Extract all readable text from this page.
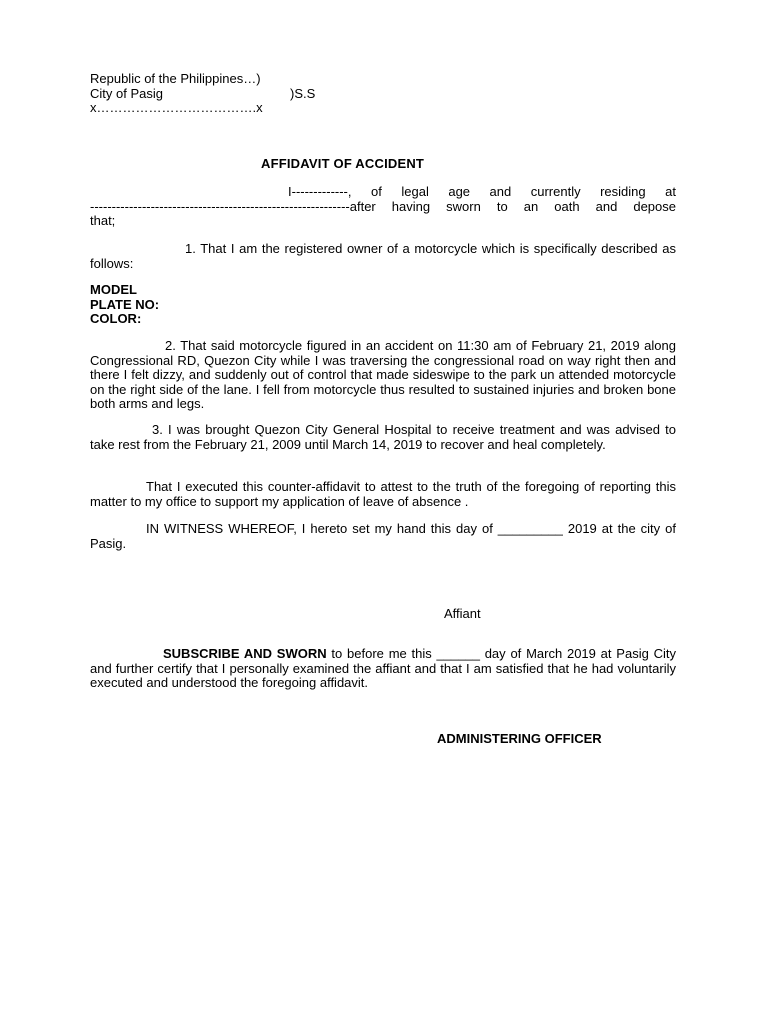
Republic of the Philippines…)
City of Pasig	)S.S
x……………………………….x
AFFIDAVIT OF ACCIDENT
I-------------, of legal age and currently residing at
------------------------------------------------------------after having sworn to an oath and depose
that;

1. That I am the registered owner of a motorcycle which is specifically described as follows:

MODEL
PLATE NO:
COLOR:

2. That said motorcycle figured in an accident on 11:30 am of February 21, 2019 along Congressional RD, Quezon City while I was traversing the congressional road on way right then and there I felt dizzy, and suddenly out of control that made sideswipe to the park un attended motorcycle on the right side of the lane. I fell from motorcycle thus resulted to sustained injuries and broken bone both arms and legs.

3. I was brought Quezon City General Hospital to receive treatment and was advised to take rest from the February 21, 2009 until March 14, 2019 to recover and heal completely.

That I executed this counter-affidavit to attest to the truth of the foregoing of reporting this matter to my office to support my application of leave of absence .

IN WITNESS WHEREOF, I hereto set my hand this day of _________ 2019 at the city of Pasig.

Affiant

SUBSCRIBE AND SWORN to before me this ______ day of March 2019 at Pasig City and further certify that I personally examined the affiant and that I am satisfied that he had voluntarily executed and understood the foregoing affidavit.

ADMINISTERING OFFICER
